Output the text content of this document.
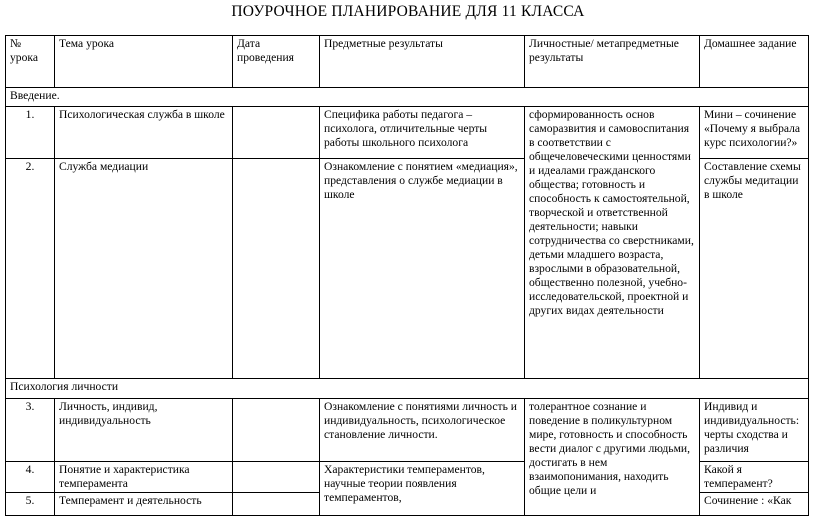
ПОУРОЧНОЕ ПЛАНИРОВАНИЕ ДЛЯ 11 КЛАССА
№ урока	Тема урока	Дата проведения	Предметные результаты	Личностные/ метапредметные результаты	Домашнее задание
Введение.					
1.	Психологическая служба в школе		Специфика работы педагога – психолога, отличительные черты работы школьного психолога	сформированность основ саморазвития и самовоспитания в соответствии с общечеловеческими ценностями и идеалами гражданского общества; готовность и способность к самостоятельной, творческой и ответственной деятельности; навыки сотрудничества со сверстниками, детьми младшего возраста, взрослыми в образовательной, общественно полезной, учебно-исследовательской, проектной и других видах деятельности	Мини – сочинение «Почему я выбрала курс психологии?»
2.	Служба медиации		Ознакомление с понятием «медиация», представления о службе медиации в школе		Составление схемы службы медитации в школе
Психология личности					
3.	Личность, индивид, индивидуальность		Ознакомление с понятиями личность и индивидуальность, психологическое становление личности.	толерантное сознание и поведение в поликультурном мире, готовность и способность вести диалог с другими людьми, достигать в нем взаимопонимания, находить общие цели и	Индивид и индивидуальность: черты сходства и различия
4.	Понятие и характеристика темперамента		Характеристики темпераментов, научные теории появления темпераментов,		Какой я темперамент?
5.	Темперамент и деятельность				Сочинение : «Как
